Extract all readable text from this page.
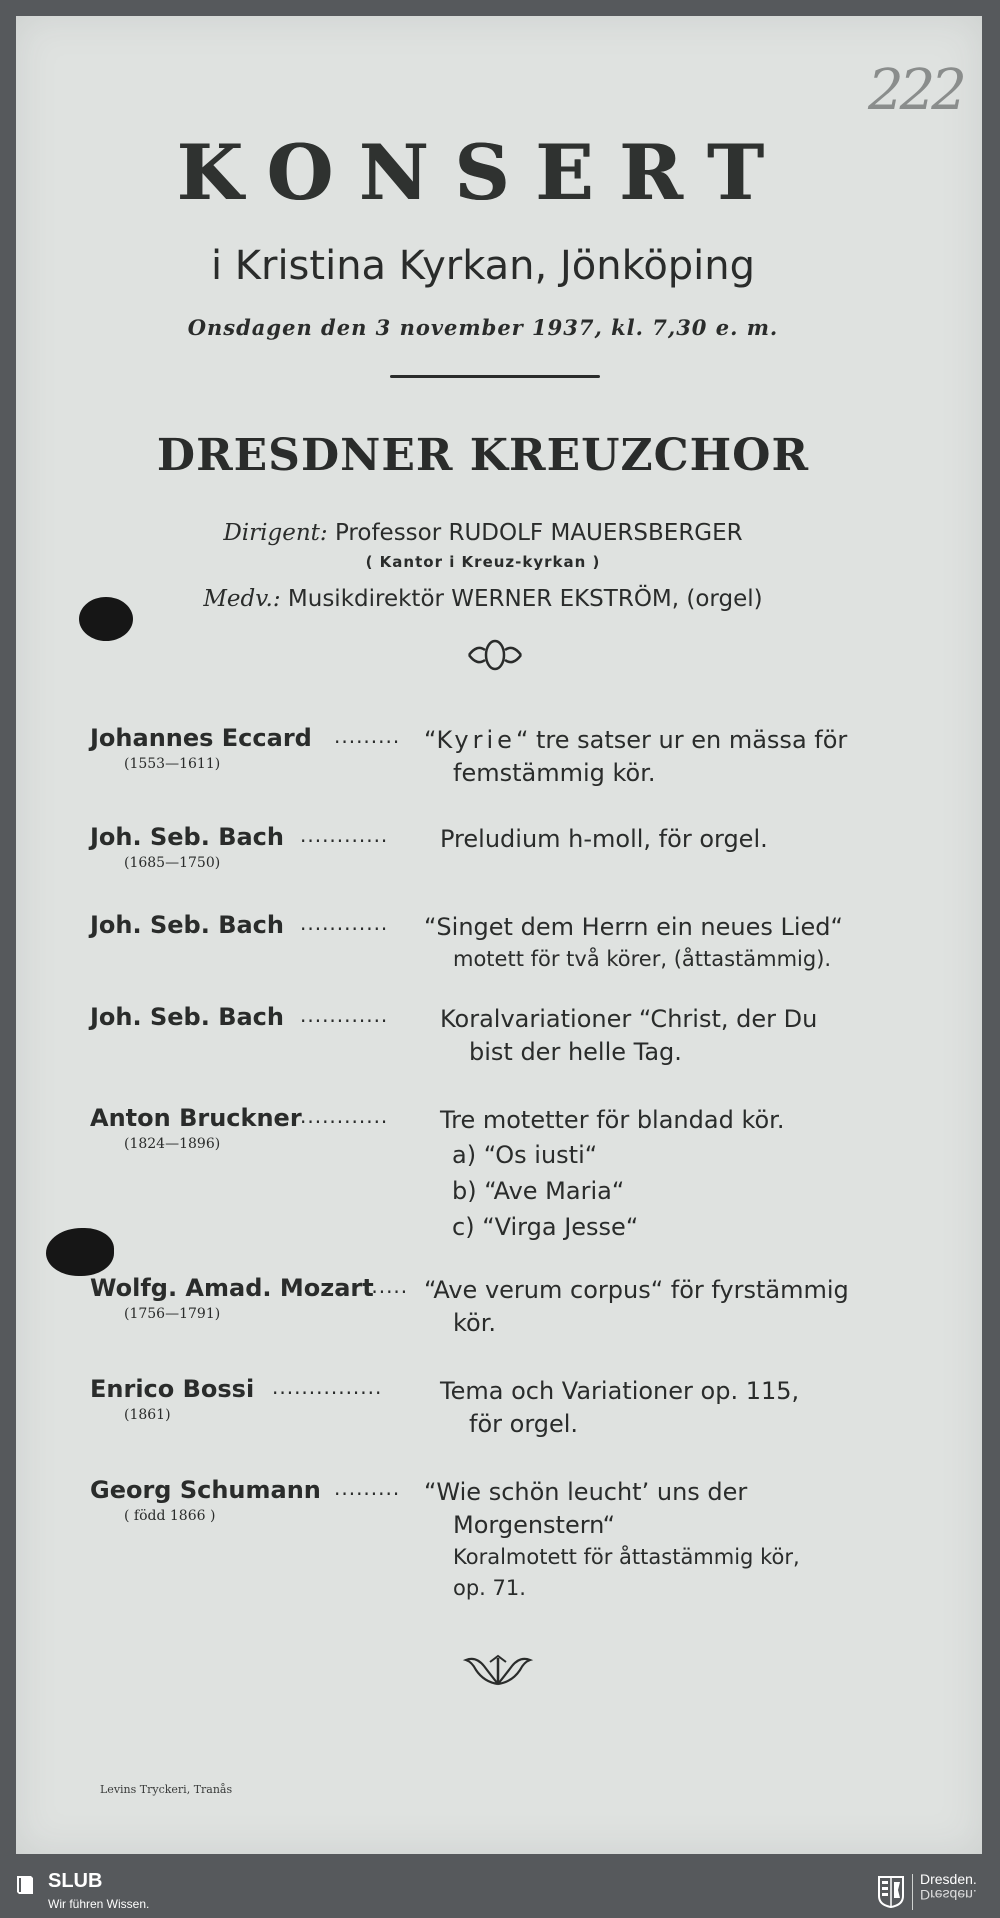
222
KONSERT
i Kristina Kyrkan, Jönköping
Onsdagen den 3 november 1937, kl. 7,30 e. m.
DRESDNER KREUZCHOR
Dirigent: Professor RUDOLF MAUERSBERGER
( Kantor i Kreuz-kyrkan )
Medv.: Musikdirektör WERNER EKSTRÖM, (orgel)
Johannes Eccard .........
(1553—1611)
“Kyrie“ tre satser ur en mässa för
femstämmig kör.
Joh. Seb. Bach ............
(1685—1750)
Preludium h-moll, för orgel.
Joh. Seb. Bach ............ “Singet dem Herrn ein neues Lied“
motett för två körer, (åttastämmig).
Joh. Seb. Bach ............ Koralvariationer “Christ, der Du
bist der helle Tag.
Anton Bruckner
............
(1824—1896)
Tre motetter för blandad kör.
a) “Os iusti“
b) “Ave Maria“
c) “Virga Jesse“
Wolfg. Amad. Mozart
......
(1756—1791)
“Ave verum corpus“ för fyrstämmig
kör.
Enrico Bossi ...............
(1861)
Tema och Variationer op. 115,
för orgel.
Georg Schumann .........
( född 1866 )
“Wie schön leucht’ uns der
Morgenstern“
Koralmotett för åttastämmig kör,
op. 71.
Levins Tryckeri, Tranås
SLUB
Wir führen Wissen.
Dresden.
Dresden.
